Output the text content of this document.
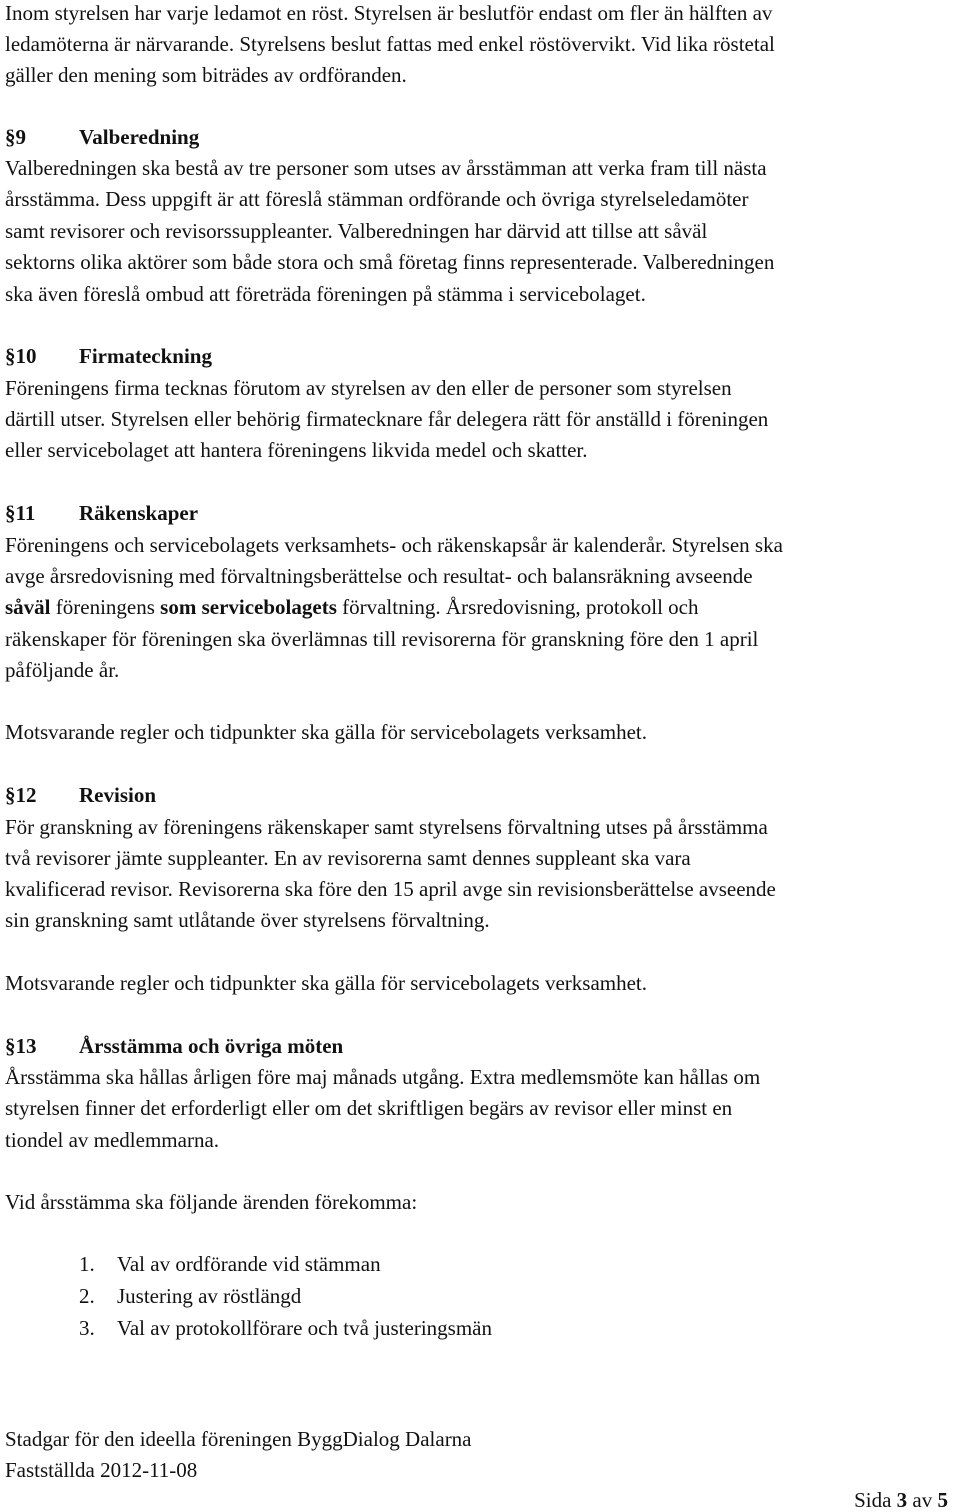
Inom styrelsen har varje ledamot en röst. Styrelsen är beslutför endast om fler än hälften av
ledamöterna är närvarande. Styrelsens beslut fattas med enkel röstövervikt. Vid lika röstetal
gäller den mening som biträdes av ordföranden.
§9	Valberedning
Valberedningen ska bestå av tre personer som utses av årsstämman att verka fram till nästa
årsstämma. Dess uppgift är att föreslå stämman ordförande och övriga styrelseledamöter
samt revisorer och revisorssuppleanter. Valberedningen har därvid att tillse att såväl
sektorns olika aktörer som både stora och små företag finns representerade. Valberedningen
ska även föreslå ombud att företräda föreningen på stämma i servicebolaget.
§10 Firmateckning
Föreningens firma tecknas förutom av styrelsen av den eller de personer som styrelsen
därtill utser. Styrelsen eller behörig firmatecknare får delegera rätt för anställd i föreningen
eller servicebolaget att hantera föreningens likvida medel och skatter.
§11 Räkenskaper
Föreningens och servicebolagets verksamhets- och räkenskapsår är kalenderår. Styrelsen ska
avge årsredovisning med förvaltningsberättelse och resultat- och balansräkning avseende
såväl föreningens som servicebolagets förvaltning. Årsredovisning, protokoll och
räkenskaper för föreningen ska överlämnas till revisorerna för granskning före den 1 april
påföljande år.
Motsvarande regler och tidpunkter ska gälla för servicebolagets verksamhet.
§12 Revision
För granskning av föreningens räkenskaper samt styrelsens förvaltning utses på årsstämma
två revisorer jämte suppleanter. En av revisorerna samt dennes suppleant ska vara
kvalificerad revisor. Revisorerna ska före den 15 april avge sin revisionsberättelse avseende
sin granskning samt utlåtande över styrelsens förvaltning.
Motsvarande regler och tidpunkter ska gälla för servicebolagets verksamhet.
§13 Årsstämma och övriga möten
Årsstämma ska hållas årligen före maj månads utgång. Extra medlemsmöte kan hållas om
styrelsen finner det erforderligt eller om det skriftligen begärs av revisor eller minst en
tiondel av medlemmarna.
Vid årsstämma ska följande ärenden förekomma:
1. Val av ordförande vid stämman
2. Justering av röstlängd
3. Val av protokollförare och två justeringsmän
Stadgar för den ideella föreningen ByggDialog Dalarna
Fastställda 2012-11-08
Sida 3 av 5
